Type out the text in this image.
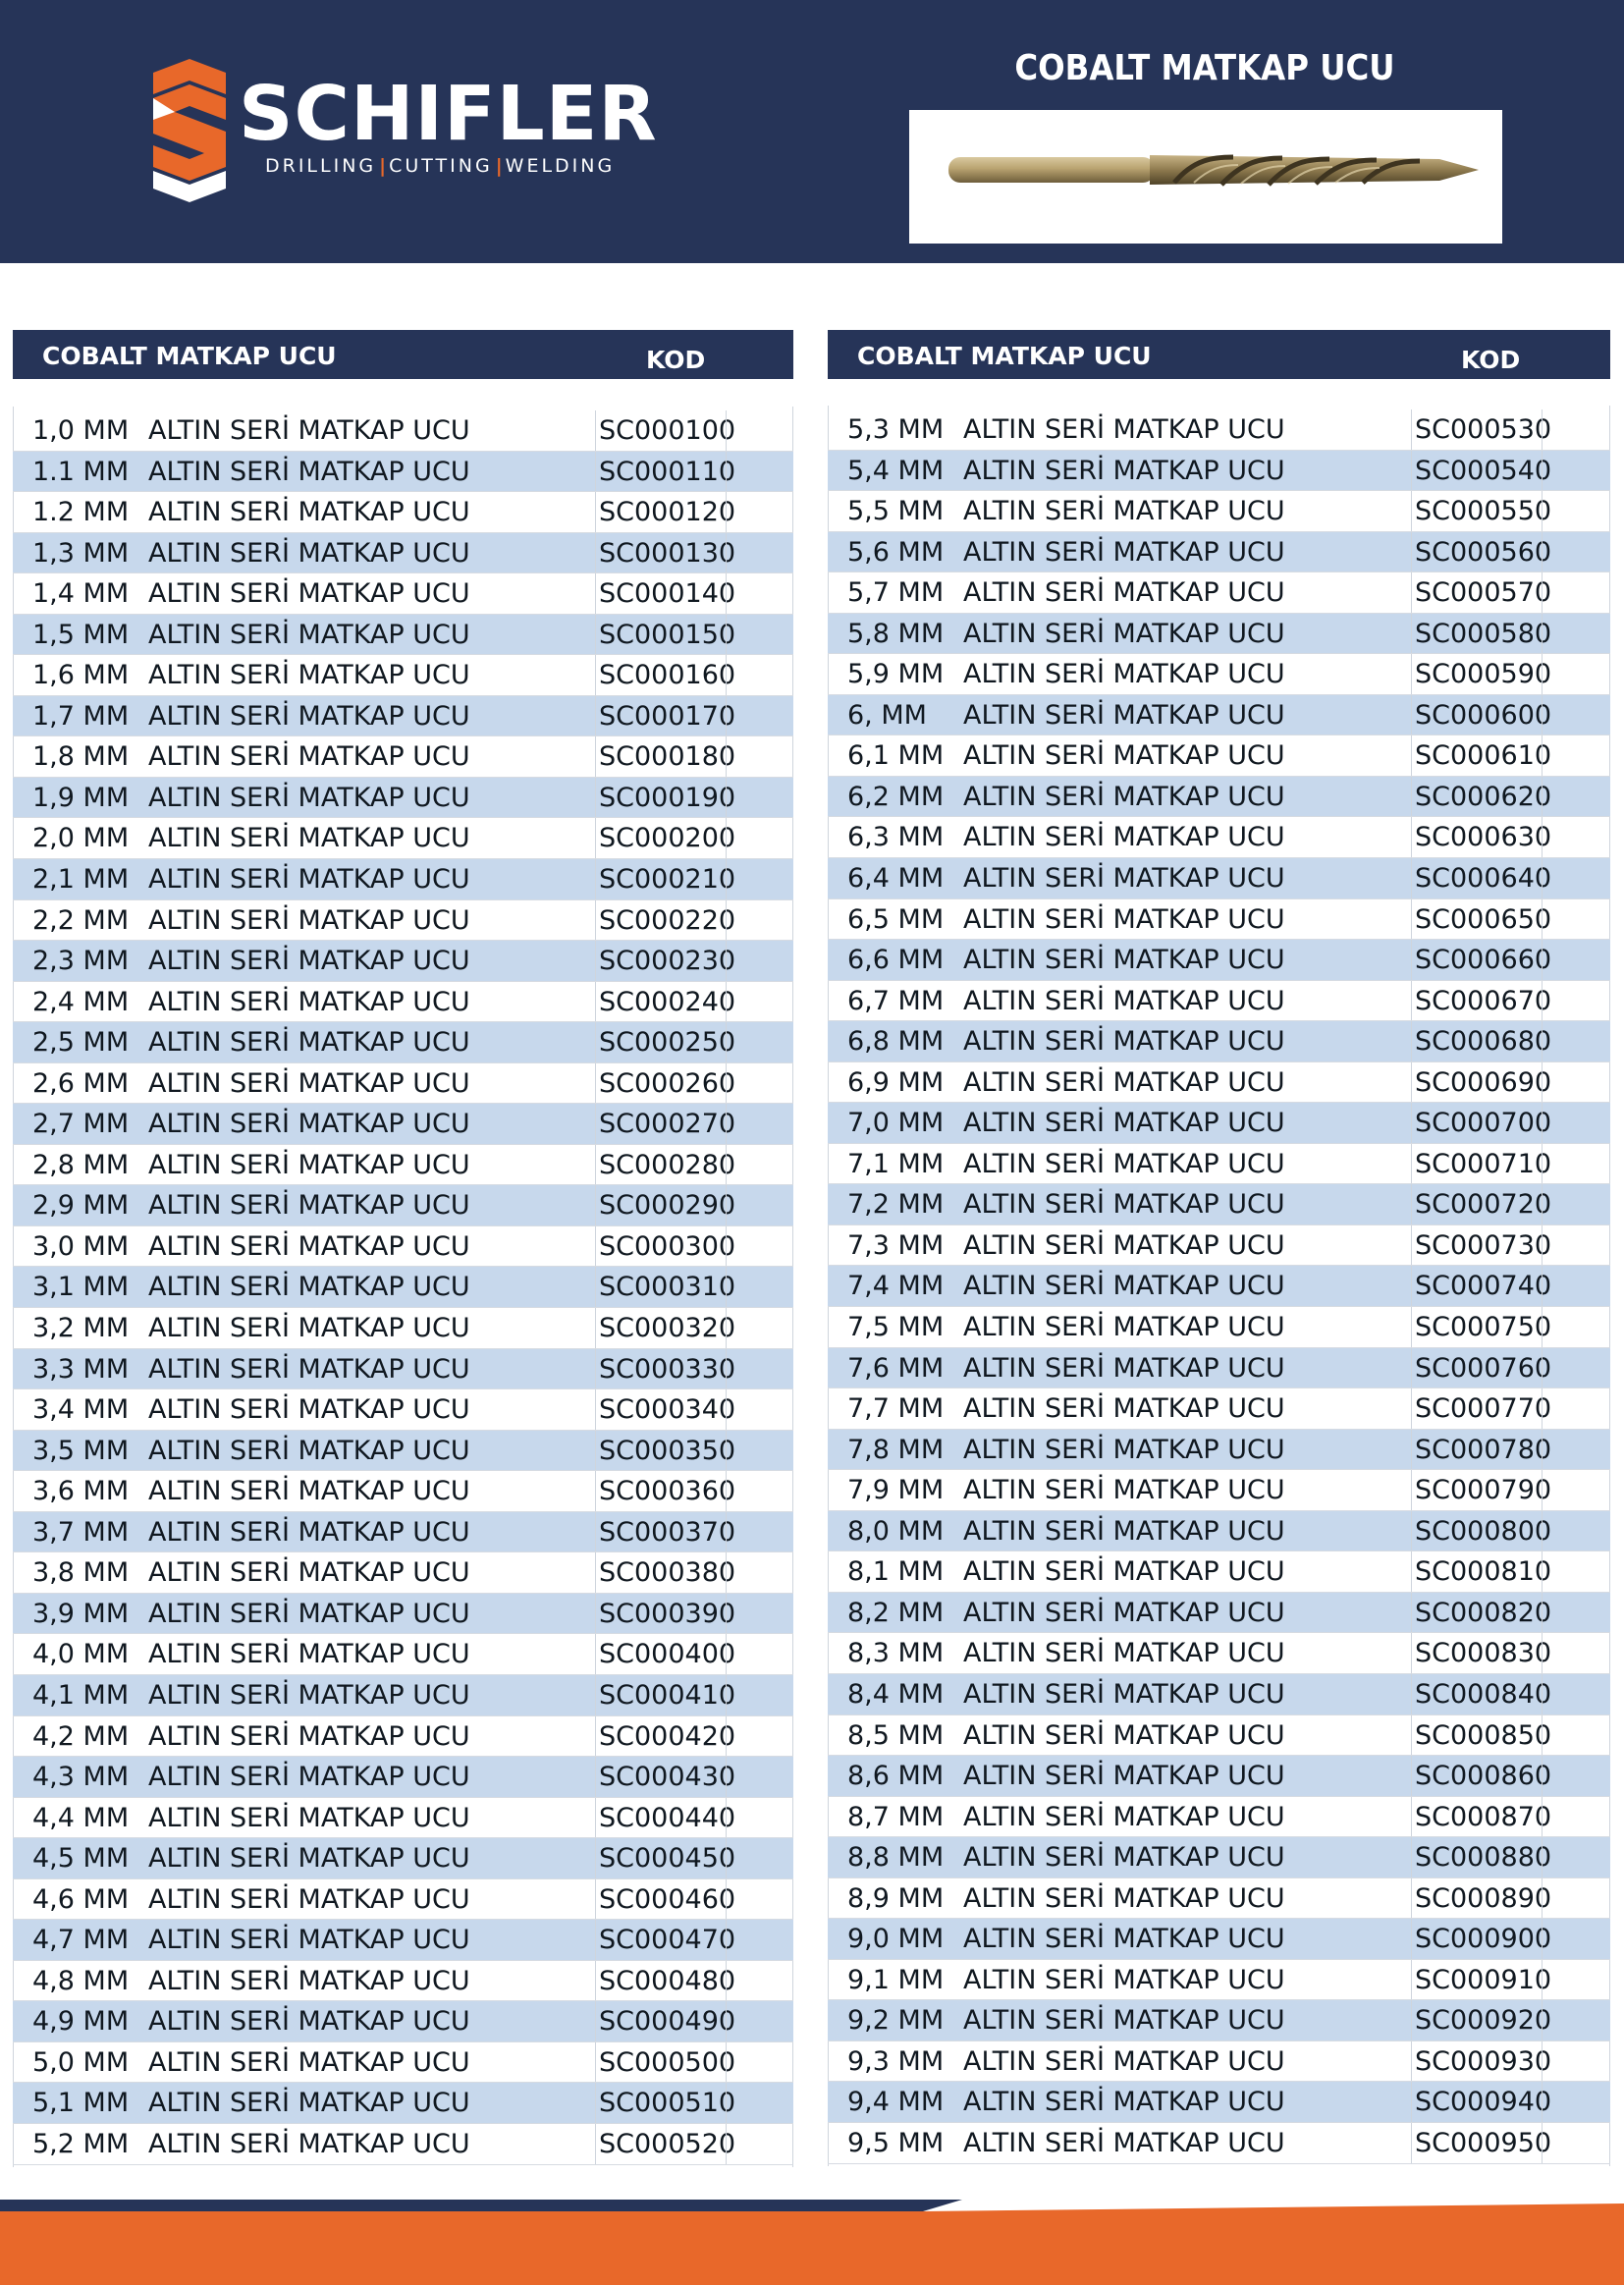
SCHIFLER
DRILLING | CUTTING | WELDING
COBALT MATKAP UCU
COBALT MATKAP UCU	KOD
1,0 MM ALTIN SERİ MATKAP UCU	SC000100
1.1 MM ALTIN SERİ MATKAP UCU	SC000110
1.2 MM ALTIN SERİ MATKAP UCU	SC000120
1,3 MM ALTIN SERİ MATKAP UCU	SC000130
1,4 MM ALTIN SERİ MATKAP UCU	SC000140
1,5 MM ALTIN SERİ MATKAP UCU	SC000150
1,6 MM ALTIN SERİ MATKAP UCU	SC000160
1,7 MM ALTIN SERİ MATKAP UCU	SC000170
1,8 MM ALTIN SERİ MATKAP UCU	SC000180
1,9 MM ALTIN SERİ MATKAP UCU	SC000190
2,0 MM ALTIN SERİ MATKAP UCU	SC000200
2,1 MM ALTIN SERİ MATKAP UCU	SC000210
2,2 MM ALTIN SERİ MATKAP UCU	SC000220
2,3 MM ALTIN SERİ MATKAP UCU	SC000230
2,4 MM ALTIN SERİ MATKAP UCU	SC000240
2,5 MM ALTIN SERİ MATKAP UCU	SC000250
2,6 MM ALTIN SERİ MATKAP UCU	SC000260
2,7 MM ALTIN SERİ MATKAP UCU	SC000270
2,8 MM ALTIN SERİ MATKAP UCU	SC000280
2,9 MM ALTIN SERİ MATKAP UCU	SC000290
3,0 MM ALTIN SERİ MATKAP UCU	SC000300
3,1 MM ALTIN SERİ MATKAP UCU	SC000310
3,2 MM ALTIN SERİ MATKAP UCU	SC000320
3,3 MM ALTIN SERİ MATKAP UCU	SC000330
3,4 MM ALTIN SERİ MATKAP UCU	SC000340
3,5 MM ALTIN SERİ MATKAP UCU	SC000350
3,6 MM ALTIN SERİ MATKAP UCU	SC000360
3,7 MM ALTIN SERİ MATKAP UCU	SC000370
3,8 MM ALTIN SERİ MATKAP UCU	SC000380
3,9 MM ALTIN SERİ MATKAP UCU	SC000390
4,0 MM ALTIN SERİ MATKAP UCU	SC000400
4,1 MM ALTIN SERİ MATKAP UCU	SC000410
4,2 MM ALTIN SERİ MATKAP UCU	SC000420
4,3 MM ALTIN SERİ MATKAP UCU	SC000430
4,4 MM ALTIN SERİ MATKAP UCU	SC000440
4,5 MM ALTIN SERİ MATKAP UCU	SC000450
4,6 MM ALTIN SERİ MATKAP UCU	SC000460
4,7 MM ALTIN SERİ MATKAP UCU	SC000470
4,8 MM ALTIN SERİ MATKAP UCU	SC000480
4,9 MM ALTIN SERİ MATKAP UCU	SC000490
5,0 MM ALTIN SERİ MATKAP UCU	SC000500
5,1 MM ALTIN SERİ MATKAP UCU	SC000510
5,2 MM ALTIN SERİ MATKAP UCU	SC000520
COBALT MATKAP UCU	KOD
5,3 MM ALTIN SERİ MATKAP UCU	SC000530
5,4 MM ALTIN SERİ MATKAP UCU	SC000540
5,5 MM ALTIN SERİ MATKAP UCU	SC000550
5,6 MM ALTIN SERİ MATKAP UCU	SC000560
5,7 MM ALTIN SERİ MATKAP UCU	SC000570
5,8 MM ALTIN SERİ MATKAP UCU	SC000580
5,9 MM ALTIN SERİ MATKAP UCU	SC000590
6, MM ALTIN SERİ MATKAP UCU	SC000600
6,1 MM ALTIN SERİ MATKAP UCU	SC000610
6,2 MM ALTIN SERİ MATKAP UCU	SC000620
6,3 MM ALTIN SERİ MATKAP UCU	SC000630
6,4 MM ALTIN SERİ MATKAP UCU	SC000640
6,5 MM ALTIN SERİ MATKAP UCU	SC000650
6,6 MM ALTIN SERİ MATKAP UCU	SC000660
6,7 MM ALTIN SERİ MATKAP UCU	SC000670
6,8 MM ALTIN SERİ MATKAP UCU	SC000680
6,9 MM ALTIN SERİ MATKAP UCU	SC000690
7,0 MM ALTIN SERİ MATKAP UCU	SC000700
7,1 MM ALTIN SERİ MATKAP UCU	SC000710
7,2 MM ALTIN SERİ MATKAP UCU	SC000720
7,3 MM ALTIN SERİ MATKAP UCU	SC000730
7,4 MM ALTIN SERİ MATKAP UCU	SC000740
7,5 MM ALTIN SERİ MATKAP UCU	SC000750
7,6 MM ALTIN SERİ MATKAP UCU	SC000760
7,7 MM ALTIN SERİ MATKAP UCU	SC000770
7,8 MM ALTIN SERİ MATKAP UCU	SC000780
7,9 MM ALTIN SERİ MATKAP UCU	SC000790
8,0 MM ALTIN SERİ MATKAP UCU	SC000800
8,1 MM ALTIN SERİ MATKAP UCU	SC000810
8,2 MM ALTIN SERİ MATKAP UCU	SC000820
8,3 MM ALTIN SERİ MATKAP UCU	SC000830
8,4 MM ALTIN SERİ MATKAP UCU	SC000840
8,5 MM ALTIN SERİ MATKAP UCU	SC000850
8,6 MM ALTIN SERİ MATKAP UCU	SC000860
8,7 MM ALTIN SERİ MATKAP UCU	SC000870
8,8 MM ALTIN SERİ MATKAP UCU	SC000880
8,9 MM ALTIN SERİ MATKAP UCU	SC000890
9,0 MM ALTIN SERİ MATKAP UCU	SC000900
9,1 MM ALTIN SERİ MATKAP UCU	SC000910
9,2 MM ALTIN SERİ MATKAP UCU	SC000920
9,3 MM ALTIN SERİ MATKAP UCU	SC000930
9,4 MM ALTIN SERİ MATKAP UCU	SC000940
9,5 MM ALTIN SERİ MATKAP UCU	SC000950
